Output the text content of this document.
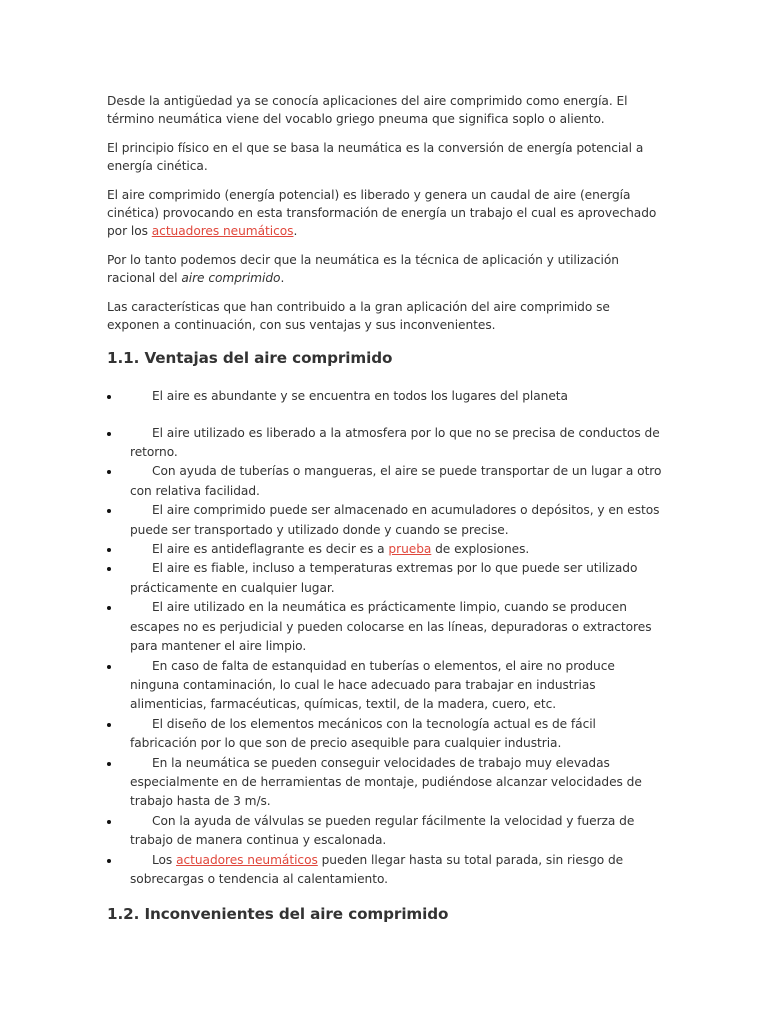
Desde la antigüedad ya se conocía aplicaciones del aire comprimido como energía. El término neumática viene del vocablo griego pneuma que significa soplo o aliento.

El principio físico en el que se basa la neumática es la conversión de energía potencial a energía cinética.

El aire comprimido (energía potencial) es liberado y genera un caudal de aire (energía cinética) provocando en esta transformación de energía un trabajo el cual es aprovechado por los actuadores neumáticos.

Por lo tanto podemos decir que la neumática es la técnica de aplicación y utilización racional del aire comprimido.

Las características que han contribuido a la gran aplicación del aire comprimido se exponen a continuación, con sus ventajas y sus inconvenientes.

1.1. Ventajas del aire comprimido
El aire es abundante y se encuentra en todos los lugares del planeta
El aire utilizado es liberado a la atmosfera por lo que no se precisa de conductos de retorno.
Con ayuda de tuberías o mangueras, el aire se puede transportar de un lugar a otro con relativa facilidad.
El aire comprimido puede ser almacenado en acumuladores o depósitos, y en estos puede ser transportado y utilizado donde y cuando se precise.
El aire es antideflagrante es decir es a prueba de explosiones.
El aire es fiable, incluso a temperaturas extremas por lo que puede ser utilizado prácticamente en cualquier lugar.
El aire utilizado en la neumática es prácticamente limpio, cuando se producen escapes no es perjudicial y pueden colocarse en las líneas, depuradoras o extractores para mantener el aire limpio.
En caso de falta de estanquidad en tuberías o elementos, el aire no produce ninguna contaminación, lo cual le hace adecuado para trabajar en industrias alimenticias, farmacéuticas, químicas, textil, de la madera, cuero, etc.
El diseño de los elementos mecánicos con la tecnología actual es de fácil fabricación por lo que son de precio asequible para cualquier industria.
En la neumática se pueden conseguir velocidades de trabajo muy elevadas especialmente en de herramientas de montaje, pudiéndose alcanzar velocidades de trabajo hasta de 3 m/s.
Con la ayuda de válvulas se pueden regular fácilmente la velocidad y fuerza de trabajo de manera continua y escalonada.
Los actuadores neumáticos pueden llegar hasta su total parada, sin riesgo de sobrecargas o tendencia al calentamiento.
1.2. Inconvenientes del aire comprimido
